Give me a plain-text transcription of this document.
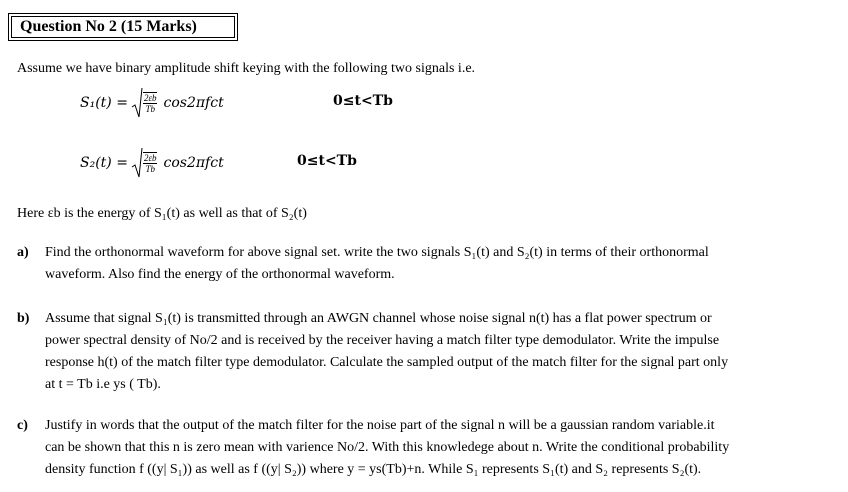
Question No 2 (15 Marks)
Assume we have binary amplitude shift keying with the following two signals i.e.
$S_1(t) = \frac{2\varepsilon b}{Tb} \cos 2\pi fct$	0≤t<Tb
$S_2(t) = \frac{2\varepsilon b}{Tb} \cos 2\pi fct$	0≤t<Tb
Here εb is the energy of S₁(t) as well as that of S₂(t)
a) Find the orthonormal waveform for above signal set. write the two signals S₁(t) and S₂(t) in terms of their orthonormal
waveform. Also find the energy of the orthonormal waveform.
b) Assume that signal S₁(t) is transmitted through an AWGN channel whose noise signal n(t) has a flat power spectrum or
power spectral density of No/2 and is received by the receiver having a match filter type demodulator. Write the impulse
response h(t) of the match filter type demodulator. Calculate the sampled output of the match filter for the signal part only
at t = Tb i.e ys ( Tb).
c) Justify in words that the output of the match filter for the noise part of the signal n will be a gaussian random variable.it
can be shown that this n is zero mean with varience No/2. With this knowledege about n. Write the conditional probability
density function f ((y| S₁)) as well as f ((y| S₂)) where y = ys(Tb)+n. While S₁ represents S₁(t) and S₂ represents S₂(t).
